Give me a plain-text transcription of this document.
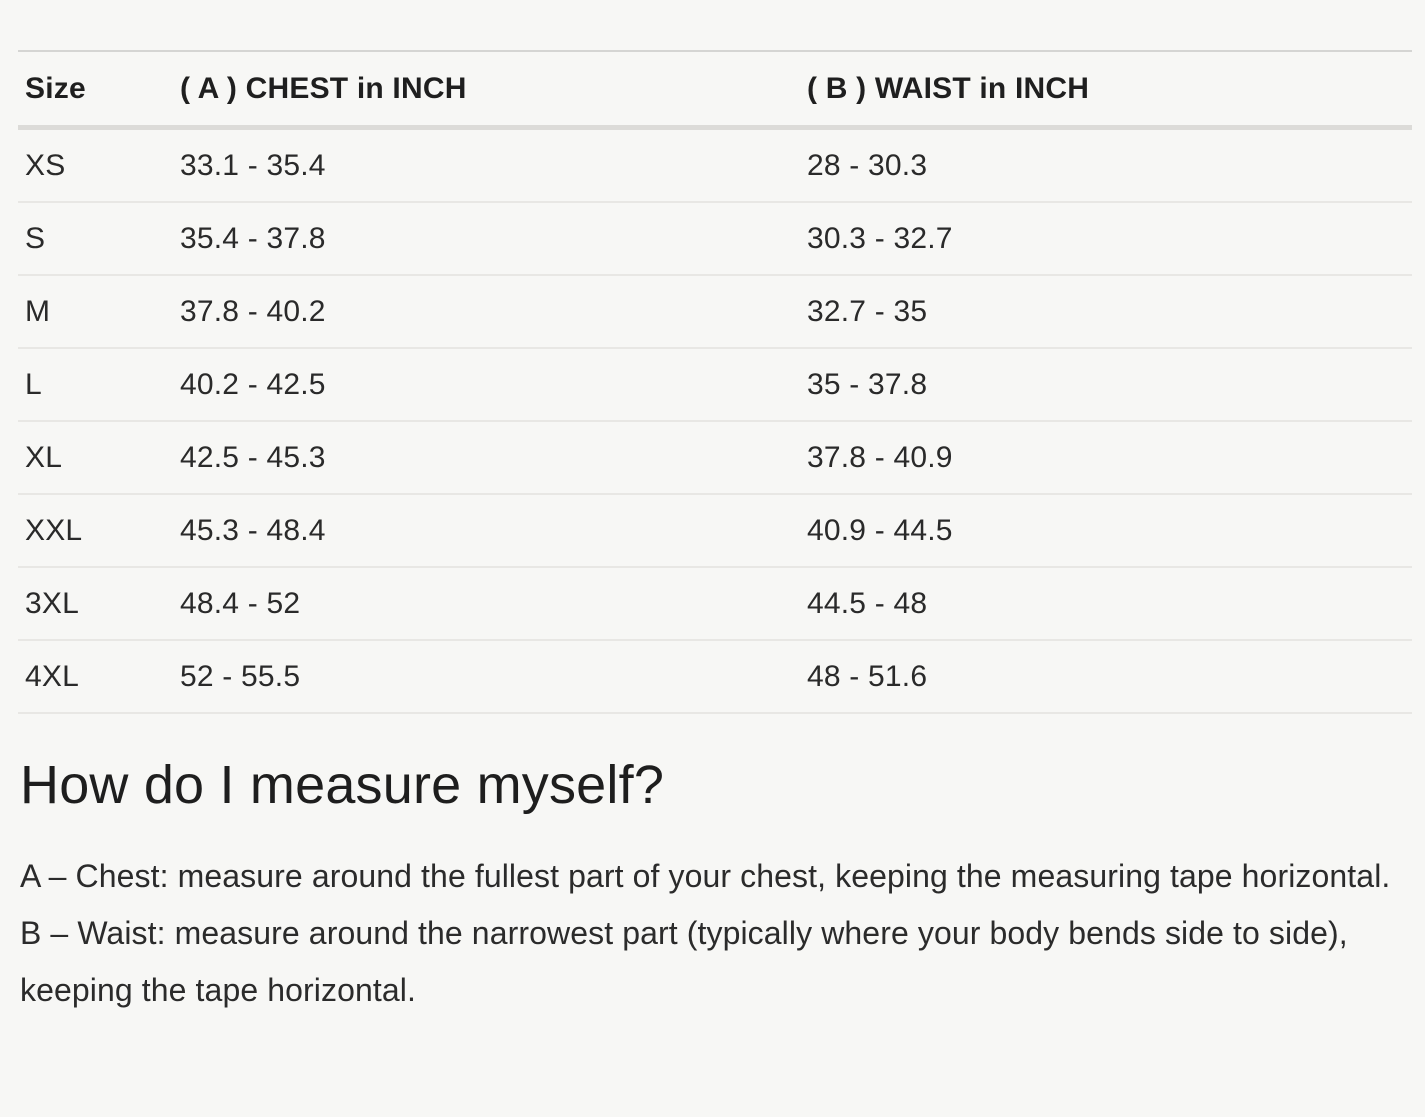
Size	( A ) CHEST in INCH	( B ) WAIST in INCH
XS	33.1 - 35.4	28 - 30.3
S	35.4 - 37.8	30.3 - 32.7
M	37.8 - 40.2	32.7 - 35
L	40.2 - 42.5	35 - 37.8
XL	42.5 - 45.3	37.8 - 40.9
XXL	45.3 - 48.4	40.9 - 44.5
3XL	48.4 - 52	44.5 - 48
4XL	52 - 55.5	48 - 51.6
How do I measure myself?

A – Chest: measure around the fullest part of your chest, keeping the measuring tape horizontal.

B – Waist: measure around the narrowest part (typically where your body bends side to side), keeping the tape horizontal.
